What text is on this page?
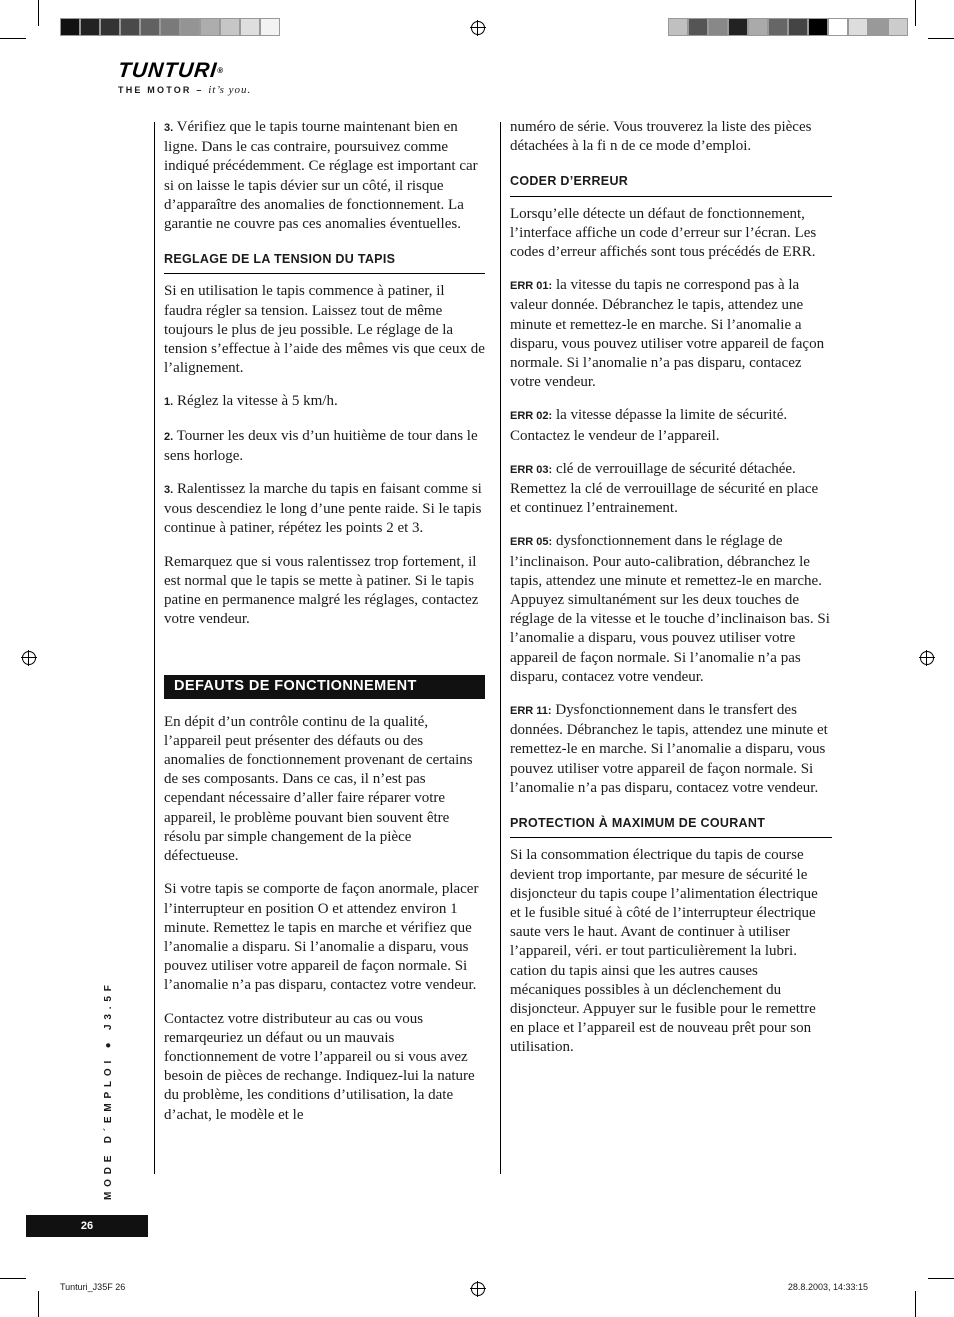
TUNTURI®
THE MOTOR – it’s you.

3. Vérifiez que le tapis tourne maintenant bien en ligne. Dans le cas contraire, poursuivez comme indiqué précédemment. Ce réglage est important car si on laisse le tapis dévier sur un côté, il risque d’apparaître des anomalies de fonctionnement. La garantie ne couvre pas ces anomalies éventuelles.

REGLAGE DE LA TENSION DU TAPIS

Si en utilisation le tapis commence à patiner, il faudra régler sa tension. Laissez tout de même toujours le plus de jeu possible. Le réglage de la tension s’effectue à l’aide des mêmes vis que ceux de l’alignement.

1. Réglez la vitesse à 5 km/h.

2. Tourner les deux vis d’un huitième de tour dans le sens horloge.

3. Ralentissez la marche du tapis en faisant comme si vous descendiez le long d’une pente raide. Si le tapis continue à patiner, répétez les points 2 et 3.

Remarquez que si vous ralentissez trop fortement, il est normal que le tapis se mette à patiner. Si le tapis patine en permanence malgré les réglages, contactez votre vendeur.

DEFAUTS DE FONCTIONNEMENT

En dépit d’un contrôle continu de la qualité, l’appareil peut présenter des défauts ou des anomalies de fonctionnement provenant de certains de ses composants. Dans ce cas, il n’est pas cependant nécessaire d’aller faire réparer votre appareil, le problème pouvant bien souvent être résolu par simple changement de la pièce défectueuse.

Si votre tapis se comporte de façon anormale, placer l’interrupteur en position O et attendez environ 1 minute. Remettez le tapis en marche et vérifiez que l’anomalie a disparu. Si l’anomalie a disparu, vous pouvez utiliser votre appareil de façon normale. Si l’anomalie n’a pas disparu, contactez votre vendeur.

Contactez votre distributeur au cas ou vous remarqeuriez un défaut ou un mauvais fonctionnement de votre l’appareil ou si vous avez besoin de pièces de rechange. Indiquez-lui la nature du problème, les conditions d’utilisation, la date d’achat, le modèle et le

numéro de série. Vous trouverez la liste des pièces détachées à la fi n de ce mode d’emploi.

CODER D’ERREUR

Lorsqu’elle détecte un défaut de fonctionnement, l’interface affiche un code d’erreur sur l’écran. Les codes d’erreur affichés sont tous précédés de ERR.

ERR 01: la vitesse du tapis ne correspond pas à la valeur donnée. Débranchez le tapis, attendez une minute et remettez-le en marche. Si l’anomalie a disparu, vous pouvez utiliser votre appareil de façon normale. Si l’anomalie n’a pas disparu, contacez votre vendeur.

ERR 02: la vitesse dépasse la limite de sécurité. Contactez le vendeur de l’appareil.

ERR 03: clé de verrouillage de sécurité détachée. Remettez la clé de verrouillage de sécurité en place et continuez l’entrainement.

ERR 05: dysfonctionnement dans le réglage de l’inclinaison. Pour auto-calibration, débranchez le tapis, attendez une minute et remettez-le en marche. Appuyez simultanément sur les deux touches de réglage de la vitesse et le touche d’inclinaison bas. Si l’anomalie a disparu, vous pouvez utiliser votre appareil de façon normale. Si l’anomalie n’a pas disparu, contacez votre vendeur.

ERR 11: Dysfonctionnement dans le transfert des données. Débranchez le tapis, attendez une minute et remettez-le en marche. Si l’anomalie a disparu, vous pouvez utiliser votre appareil de façon normale. Si l’anomalie n’a pas disparu, contacez votre vendeur.

PROTECTION À MAXIMUM DE COURANT

Si la consommation électrique du tapis de course devient trop importante, par mesure de sécurité le disjoncteur du tapis coupe l’alimentation électrique et le fusible situé à côté de l’interrupteur électrique saute vers le haut. Avant de continuer à utiliser l’appareil, véri. er tout particulièrement la lubri. cation du tapis ainsi que les autres causes mécaniques possibles à un déclenchement du disjoncteur. Appuyer sur le fusible pour le remettre en place et l’appareil est de nouveau prêt pour son utilisation.

MODE D´EMPLOI ● J3.5F
26
Tunturi_J35F 26	28.8.2003, 14:33:15
